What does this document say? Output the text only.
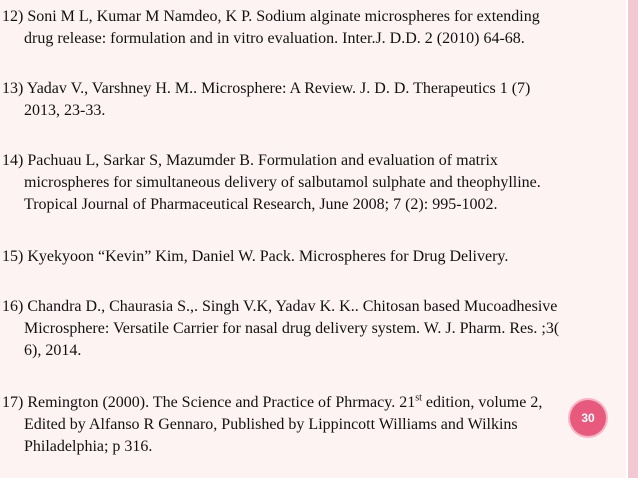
12) Soni M L, Kumar M Namdeo, K P. Sodium alginate microspheres for extending
drug release: formulation and in vitro evaluation. Inter.J. D.D. 2 (2010) 64-68.
13) Yadav V., Varshney H. M.. Microsphere: A Review. J. D. D. Therapeutics 1 (7)
2013, 23-33.
14) Pachuau L, Sarkar S, Mazumder B. Formulation and evaluation of matrix
microspheres for simultaneous delivery of salbutamol sulphate and theophylline.
Tropical Journal of Pharmaceutical Research, June 2008; 7 (2): 995-1002.
15) Kyekyoon “Kevin” Kim, Daniel W. Pack. Microspheres for Drug Delivery.
16) Chandra D., Chaurasia S.,. Singh V.K, Yadav K. K.. Chitosan based Mucoadhesive
Microsphere: Versatile Carrier for nasal drug delivery system. W. J. Pharm. Res. ;3(
6), 2014.
17) Remington (2000). The Science and Practice of Phrmacy. 21st edition, volume 2,
Edited by Alfanso R Gennaro, Published by Lippincott Williams and Wilkins
Philadelphia; p 316.
30
